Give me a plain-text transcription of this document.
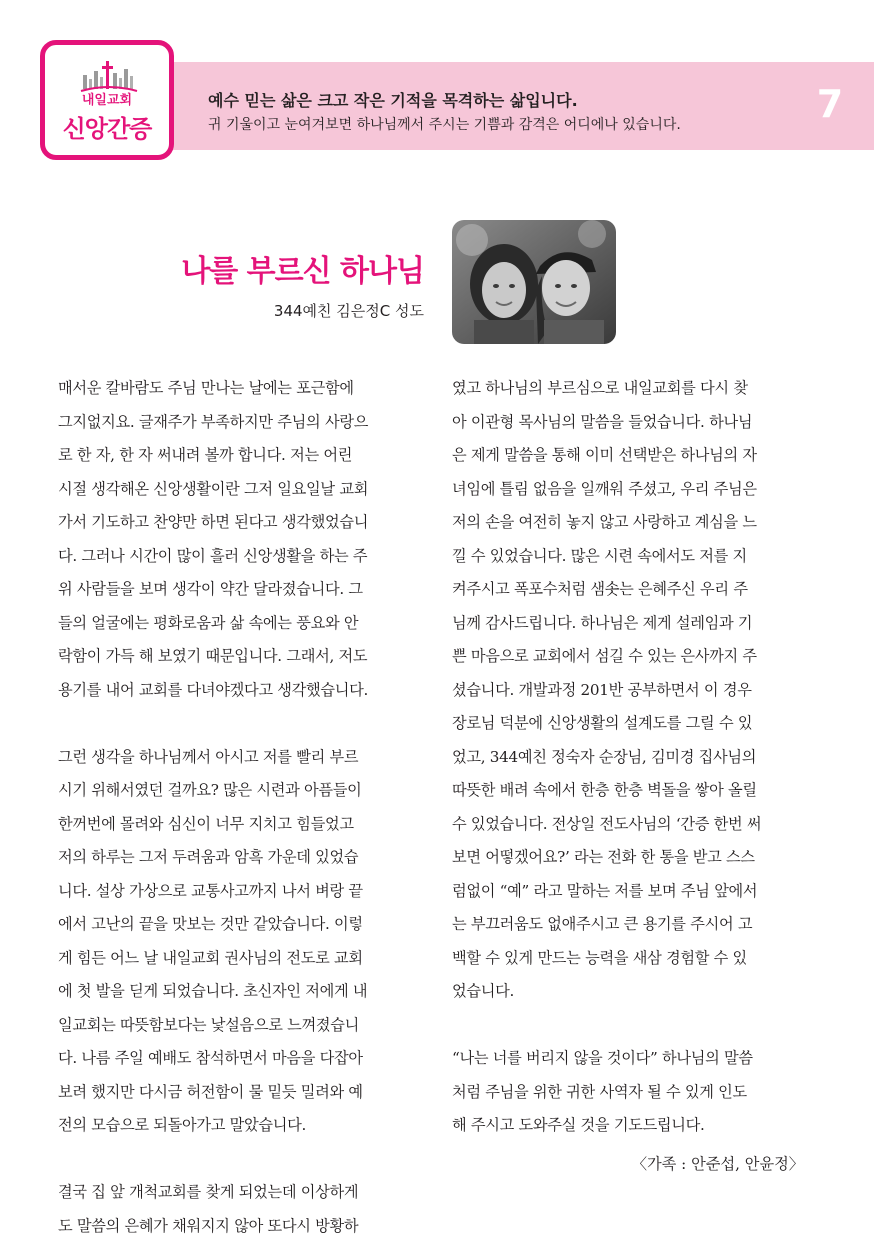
내일교회
신앙간증
예수 믿는 삶은 크고 작은 기적을 목격하는 삶입니다.
귀 기울이고 눈여겨보면 하나님께서 주시는 기쁨과 감격은 어디에나 있습니다.	7
나를 부르신 하나님
344예친 김은정C 성도
매서운 칼바람도 주님 만나는 날에는 포근함에
그지없지요. 글재주가 부족하지만 주님의 사랑으
로 한 자, 한 자 써내려 볼까 합니다. 저는 어린
시절 생각해온 신앙생활이란 그저 일요일날 교회
가서 기도하고 찬양만 하면 된다고 생각했었습니
다. 그러나 시간이 많이 흘러 신앙생활을 하는 주
위 사람들을 보며 생각이 약간 달라졌습니다. 그
들의 얼굴에는 평화로움과 삶 속에는 풍요와 안
락함이 가득 해 보였기 때문입니다. 그래서, 저도
용기를 내어 교회를 다녀야겠다고 생각했습니다.
그런 생각을 하나님께서 아시고 저를 빨리 부르
시기 위해서였던 걸까요? 많은 시련과 아픔들이
한꺼번에 몰려와 심신이 너무 지치고 힘들었고
저의 하루는 그저 두려움과 암흑 가운데 있었습
니다. 설상 가상으로 교통사고까지 나서 벼랑 끝
에서 고난의 끝을 맛보는 것만 같았습니다. 이렇
게 힘든 어느 날 내일교회 권사님의 전도로 교회
에 첫 발을 딛게 되었습니다. 초신자인 저에게 내
일교회는 따뜻함보다는 낯설음으로 느껴졌습니
다. 나름 주일 예배도 참석하면서 마음을 다잡아
보려 했지만 다시금 허전함이 물 밑듯 밀려와 예
전의 모습으로 되돌아가고 말았습니다.
결국 집 앞 개척교회를 찾게 되었는데 이상하게
도 말씀의 은혜가 채워지지 않아 또다시 방황하
였고 하나님의 부르심으로 내일교회를 다시 찾
아 이관형 목사님의 말씀을 들었습니다. 하나님
은 제게 말씀을 통해 이미 선택받은 하나님의 자
녀임에 틀림 없음을 일깨워 주셨고, 우리 주님은
저의 손을 여전히 놓지 않고 사랑하고 계심을 느
낄 수 있었습니다. 많은 시련 속에서도 저를 지
켜주시고 폭포수처럼 샘솟는 은혜주신 우리 주
님께 감사드립니다. 하나님은 제게 설레임과 기
쁜 마음으로 교회에서 섬길 수 있는 은사까지 주
셨습니다. 개발과정 201반 공부하면서 이 경우
장로님 덕분에 신앙생활의 설계도를 그릴 수 있
었고, 344예친 정숙자 순장님, 김미경 집사님의
따뜻한 배려 속에서 한층 한층 벽돌을 쌓아 올릴
수 있었습니다. 전상일 전도사님의 ‘간증 한번 써
보면 어떻겠어요?’ 라는 전화 한 통을 받고 스스
럼없이 “예” 라고 말하는 저를 보며 주님 앞에서
는 부끄러움도 없애주시고 큰 용기를 주시어 고
백할 수 있게 만드는 능력을 새삼 경험할 수 있
었습니다.
“나는 너를 버리지 않을 것이다” 하나님의 말씀
처럼 주님을 위한 귀한 사역자 될 수 있게 인도
해 주시고 도와주실 것을 기도드립니다.
〈가족 : 안준섭, 안윤정〉
